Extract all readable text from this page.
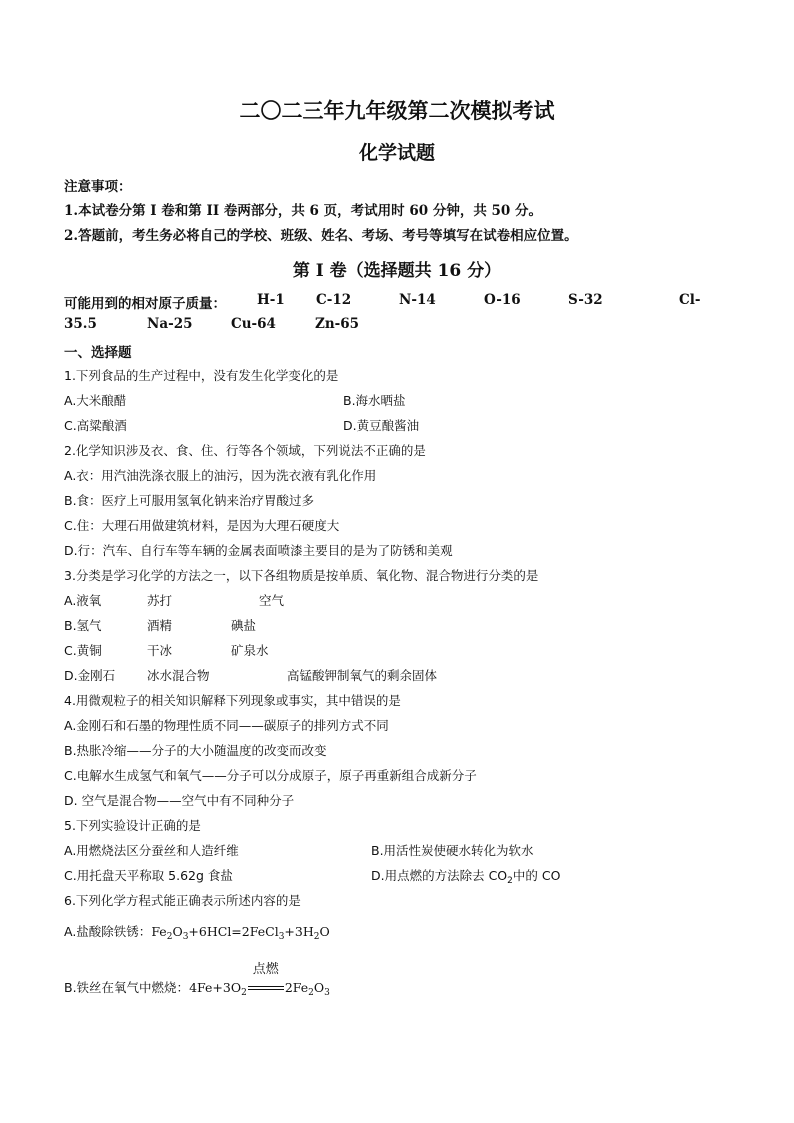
二〇二三年九年级第二次模拟考试
化学试题
注意事项：
1.本试卷分第 I 卷和第 II 卷两部分，共 6 页，考试用时 60 分钟，共 50 分。
2.答题前，考生务必将自己的学校、班级、姓名、考场、考号等填写在试卷相应位置。
第 I 卷（选择题共 16 分）
可能用到的相对原子质量： H-1 C-12	N-14	O-16	S-32	Cl-
35.5	Na-25	Cu-64	Zn-65
一、选择题
1.下列食品的生产过程中，没有发生化学变化的是
A.大米酿醋	B.海水晒盐
C.高粱酿酒	D.黄豆酿酱油
2.化学知识涉及衣、食、住、行等各个领域，下列说法不正确的是
A.衣：用汽油洗涤衣服上的油污，因为洗衣液有乳化作用
B.食：医疗上可服用氢氧化钠来治疗胃酸过多
C.住：大理石用做建筑材料，是因为大理石硬度大
D.行：汽车、自行车等车辆的金属表面喷漆主要目的是为了防锈和美观
3.分类是学习化学的方法之一，以下各组物质是按单质、氧化物、混合物进行分类的是
A.液氧	苏打	空气
B.氢气	酒精	碘盐
C.黄铜	干冰	矿泉水
D.金刚石	冰水混合物	高锰酸钾制氧气的剩余固体
4.用微观粒子的相关知识解释下列现象或事实，其中错误的是
A.金刚石和石墨的物理性质不同——碳原子的排列方式不同
B.热胀冷缩——分子的大小随温度的改变而改变
C.电解水生成氢气和氧气——分子可以分成原子，原子再重新组合成新分子
D. 空气是混合物——空气中有不同种分子
5.下列实验设计正确的是
A.用燃烧法区分蚕丝和人造纤维	B.用活性炭使硬水转化为软水
C.用托盘天平称取 5.62g 食盐	D.用点燃的方法除去 $CO_2$中的 CO
6.下列化学方程式能正确表示所述内容的是
A.盐酸除铁锈：$Fe_2O_3+6HCl=2FeCl_3+3H_2O$
B.铁丝在氧气中燃烧：$4Fe+3O_2$
点燃
$2Fe_2O_3$
